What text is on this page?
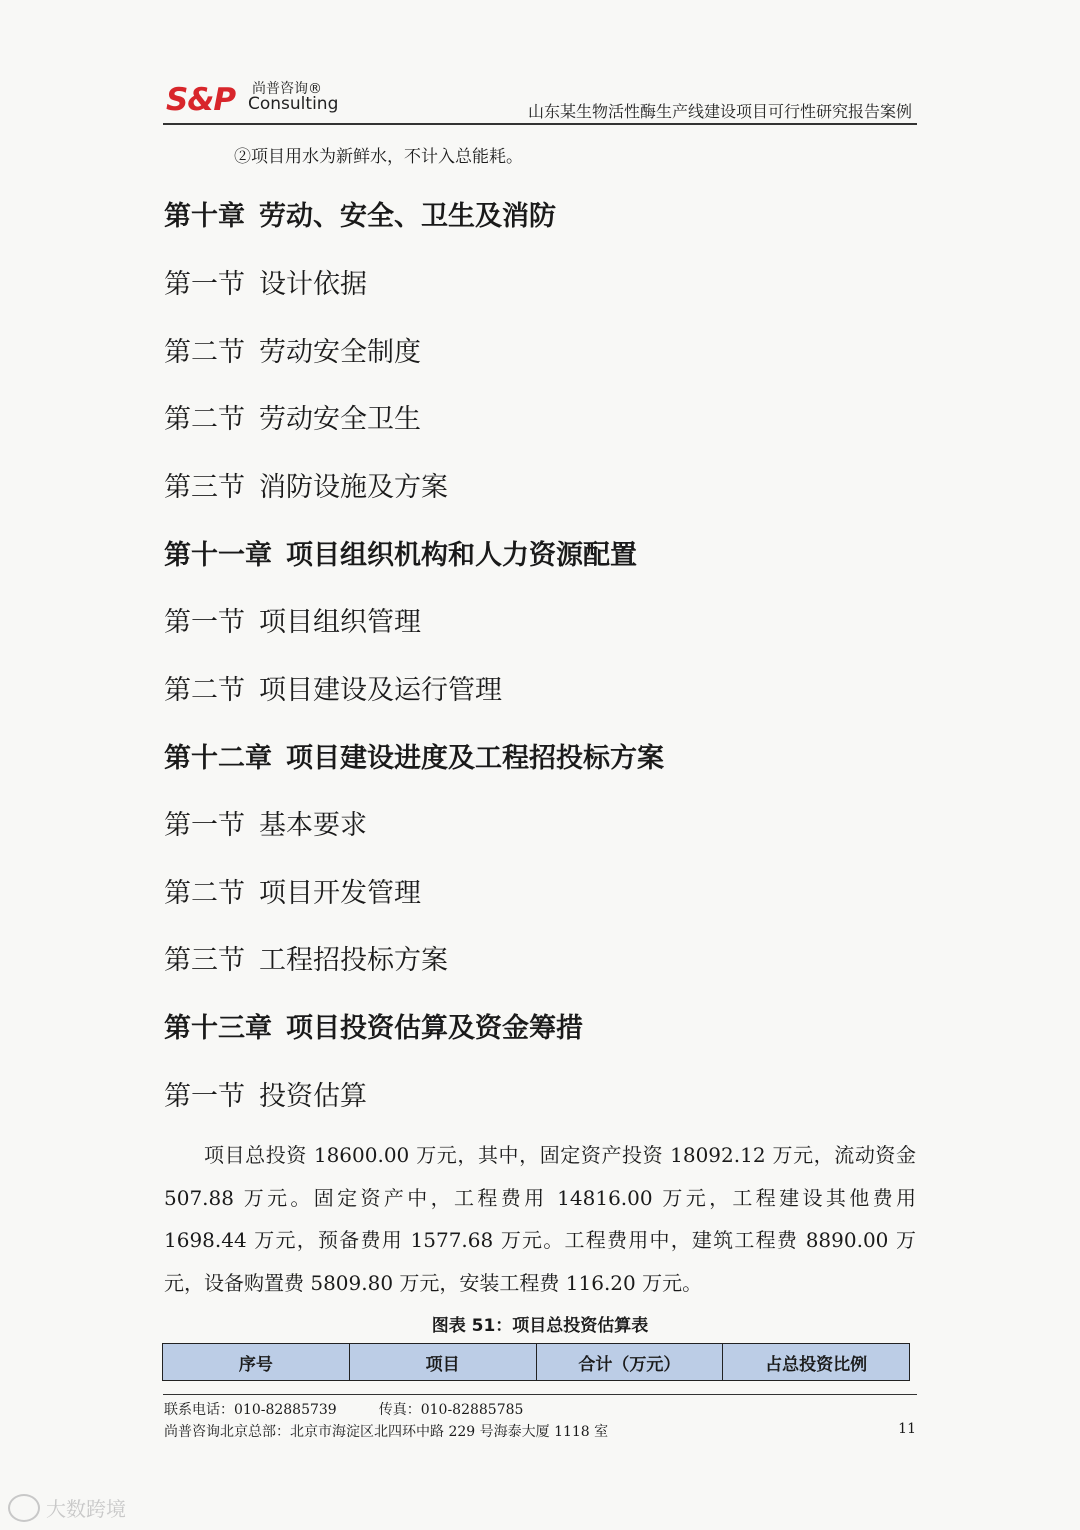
S&P 尚普咨询®
Consulting	山东某生物活性酶生产线建设项目可行性研究报告案例
②项目用水为新鲜水，不计入总能耗。
第十章 劳动、安全、卫生及消防
第一节 设计依据
第二节 劳动安全制度
第二节 劳动安全卫生
第三节 消防设施及方案
第十一章 项目组织机构和人力资源配置
第一节 项目组织管理
第二节 项目建设及运行管理
第十二章 项目建设进度及工程招投标方案
第一节 基本要求
第二节 项目开发管理
第三节 工程招投标方案
第十三章 项目投资估算及资金筹措
第一节 投资估算
项目总投资 18600.00 万元，其中，固定资产投资 18092.12 万元，流动资金 507.88 万元。固定资产中，工程费用 14816.00 万元，工程建设其他费用 1698.44 万元，预备费用 1577.68 万元。工程费用中，建筑工程费 8890.00 万元，设备购置费 5809.80 万元，安装工程费 116.20 万元。
图表 51：项目总投资估算表
序号	项目	合计（万元）	占总投资比例
联系电话：010-82885739	传真：010-82885785
尚普咨询北京总部：北京市海淀区北四环中路 229 号海泰大厦 1118 室	11
大数跨境
